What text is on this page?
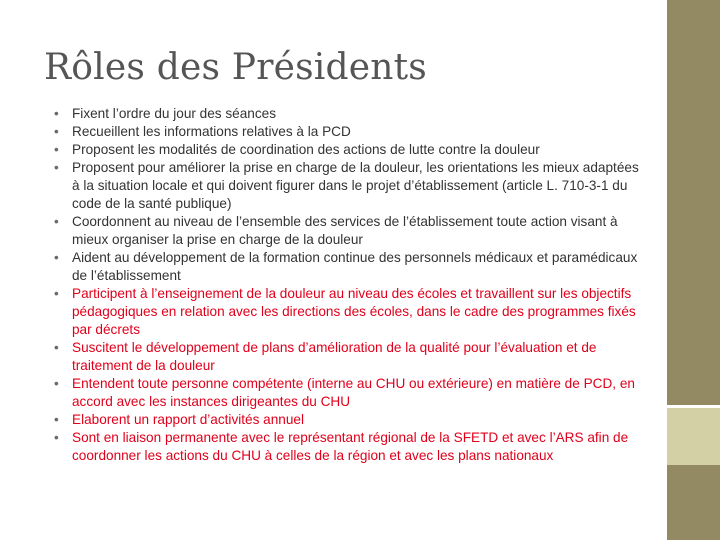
Rôles des Présidents
• Fixent l’ordre du jour des séances
• Recueillent les informations relatives à la PCD
• Proposent les modalités de coordination des actions de lutte contre la douleur
• Proposent pour améliorer la prise en charge de la douleur, les orientations les mieux adaptées à la situation locale et qui doivent figurer dans le projet d’établissement (article L. 710-3-1 du code de la santé publique)
• Coordonnent au niveau de l’ensemble des services de l’établissement toute action visant à mieux organiser la prise en charge de la douleur
• Aident au développement de la formation continue des personnels médicaux et paramédicaux de l’établissement
• Participent à l’enseignement de la douleur au niveau des écoles et travaillent sur les objectifs pédagogiques en relation avec les directions des écoles, dans le cadre des programmes fixés par décrets
• Suscitent le développement de plans d’amélioration de la qualité pour l’évaluation et de traitement de la douleur
• Entendent toute personne compétente (interne au CHU ou extérieure) en matière de PCD, en accord avec les instances dirigeantes du CHU
• Elaborent un rapport d’activités annuel
• Sont en liaison permanente avec le représentant régional de la SFETD et avec l’ARS afin de coordonner les actions du CHU à celles de la région et avec les plans nationaux
